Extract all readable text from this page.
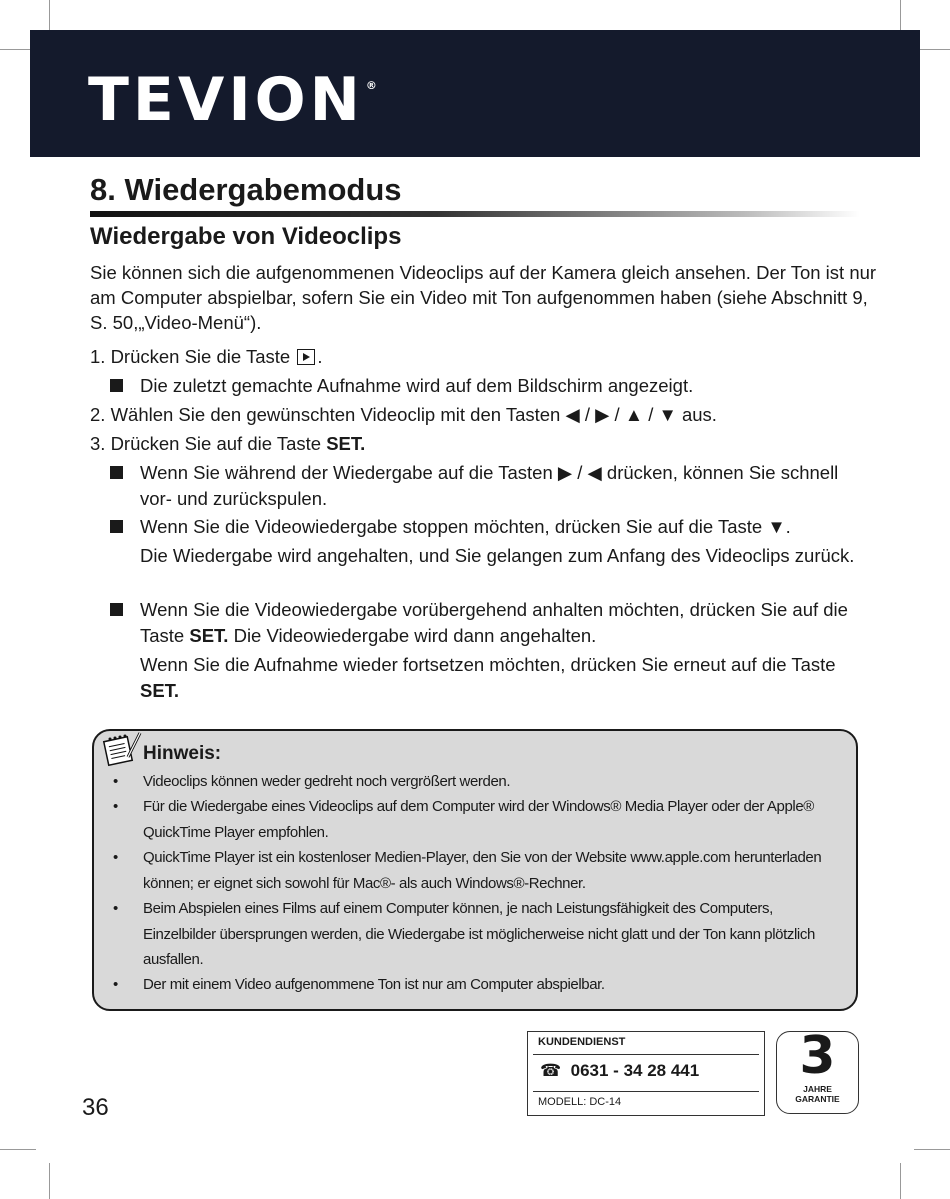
TEVION ®
8. Wiedergabemodus
Wiedergabe von Videoclips
Sie können sich die aufgenommenen Videoclips auf der Kamera gleich ansehen. Der Ton ist nur am Computer abspielbar, sofern Sie ein Video mit Ton aufgenommen haben (siehe Abschnitt 9, S. 50,„Video-Menü“).
1. Drücken Sie die Taste .
Die zuletzt gemachte Aufnahme wird auf dem Bildschirm angezeigt.
2. Wählen Sie den gewünschten Videoclip mit den Tasten ◀ / ▶ / ▲ / ▼ aus.
3. Drücken Sie auf die Taste SET.
Wenn Sie während der Wiedergabe auf die Tasten ▶ / ◀ drücken, können Sie schnell vor- und zurückspulen.
Wenn Sie die Videowiedergabe stoppen möchten, drücken Sie auf die Taste ▼.
Die Wiedergabe wird angehalten, und Sie gelangen zum Anfang des Videoclips zurück.
Wenn Sie die Videowiedergabe vorübergehend anhalten möchten, drücken Sie auf die Taste SET. Die Videowiedergabe wird dann angehalten.
Wenn Sie die Aufnahme wieder fortsetzen möchten, drücken Sie erneut auf die Taste SET.
Hinweis:
• Videoclips können weder gedreht noch vergrößert werden.
• Für die Wiedergabe eines Videoclips auf dem Computer wird der Windows® Media Player oder der Apple® QuickTime Player empfohlen.
• QuickTime Player ist ein kostenloser Medien-Player, den Sie von der Website www.apple.com herunterladen können; er eignet sich sowohl für Mac®- als auch Windows®-Rechner.
• Beim Abspielen eines Films auf einem Computer können, je nach Leistungsfähigkeit des Computers, Einzelbilder übersprungen werden, die Wiedergabe ist möglicherweise nicht glatt und der Ton kann plötzlich ausfallen.
• Der mit einem Video aufgenommene Ton ist nur am Computer abspielbar.
KUNDENDIENST
☎ 0631 - 34 28 441
MODELL: DC-14
3
JAHRE
GARANTIE
36
